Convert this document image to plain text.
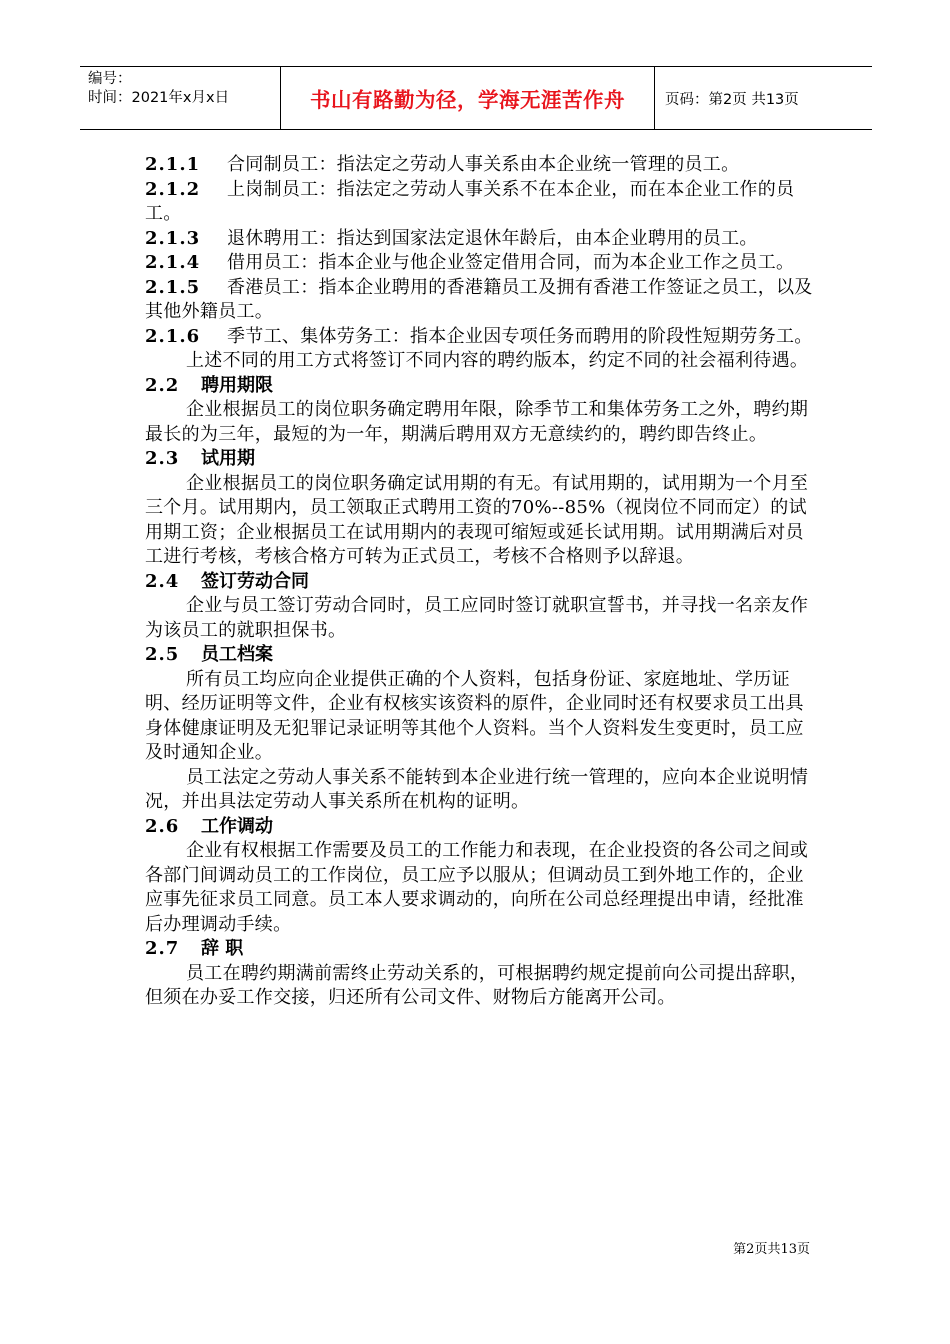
编号：
时间：2021年x月x日	书山有路勤为径，学海无涯苦作舟	页码：第2页 共13页

2.1.1 合同制员工：指法定之劳动人事关系由本企业统一管理的员工。

2.1.2 上岗制员工：指法定之劳动人事关系不在本企业，而在本企业工作的员工。

2.1.3 退休聘用工：指达到国家法定退休年龄后，由本企业聘用的员工。

2.1.4 借用员工：指本企业与他企业签定借用合同，而为本企业工作之员工。

2.1.5 香港员工：指本企业聘用的香港籍员工及拥有香港工作签证之员工，以及其他外籍员工。

2.1.6 季节工、集体劳务工：指本企业因专项任务而聘用的阶段性短期劳务工。

上述不同的用工方式将签订不同内容的聘约版本，约定不同的社会福利待遇。

2.2 聘用期限

企业根据员工的岗位职务确定聘用年限，除季节工和集体劳务工之外，聘约期最长的为三年，最短的为一年，期满后聘用双方无意续约的，聘约即告终止。

2.3 试用期

企业根据员工的岗位职务确定试用期的有无。有试用期的，试用期为一个月至三个月。试用期内，员工领取正式聘用工资的70%--85%（视岗位不同而定）的试用期工资；企业根据员工在试用期内的表现可缩短或延长试用期。试用期满后对员工进行考核，考核合格方可转为正式员工，考核不合格则予以辞退。

2.4 签订劳动合同

企业与员工签订劳动合同时，员工应同时签订就职宣誓书，并寻找一名亲友作为该员工的就职担保书。

2.5 员工档案

所有员工均应向企业提供正确的个人资料，包括身份证、家庭地址、学历证明、经历证明等文件，企业有权核实该资料的原件，企业同时还有权要求员工出具身体健康证明及无犯罪记录证明等其他个人资料。当个人资料发生变更时，员工应及时通知企业。

员工法定之劳动人事关系不能转到本企业进行统一管理的，应向本企业说明情况，并出具法定劳动人事关系所在机构的证明。

2.6 工作调动

企业有权根据工作需要及员工的工作能力和表现，在企业投资的各公司之间或各部门间调动员工的工作岗位，员工应予以服从；但调动员工到外地工作的，企业应事先征求员工同意。员工本人要求调动的，向所在公司总经理提出申请，经批准后办理调动手续。

2.7 辞 职

员工在聘约期满前需终止劳动关系的，可根据聘约规定提前向公司提出辞职，但须在办妥工作交接，归还所有公司文件、财物后方能离开公司。

第2页共13页
